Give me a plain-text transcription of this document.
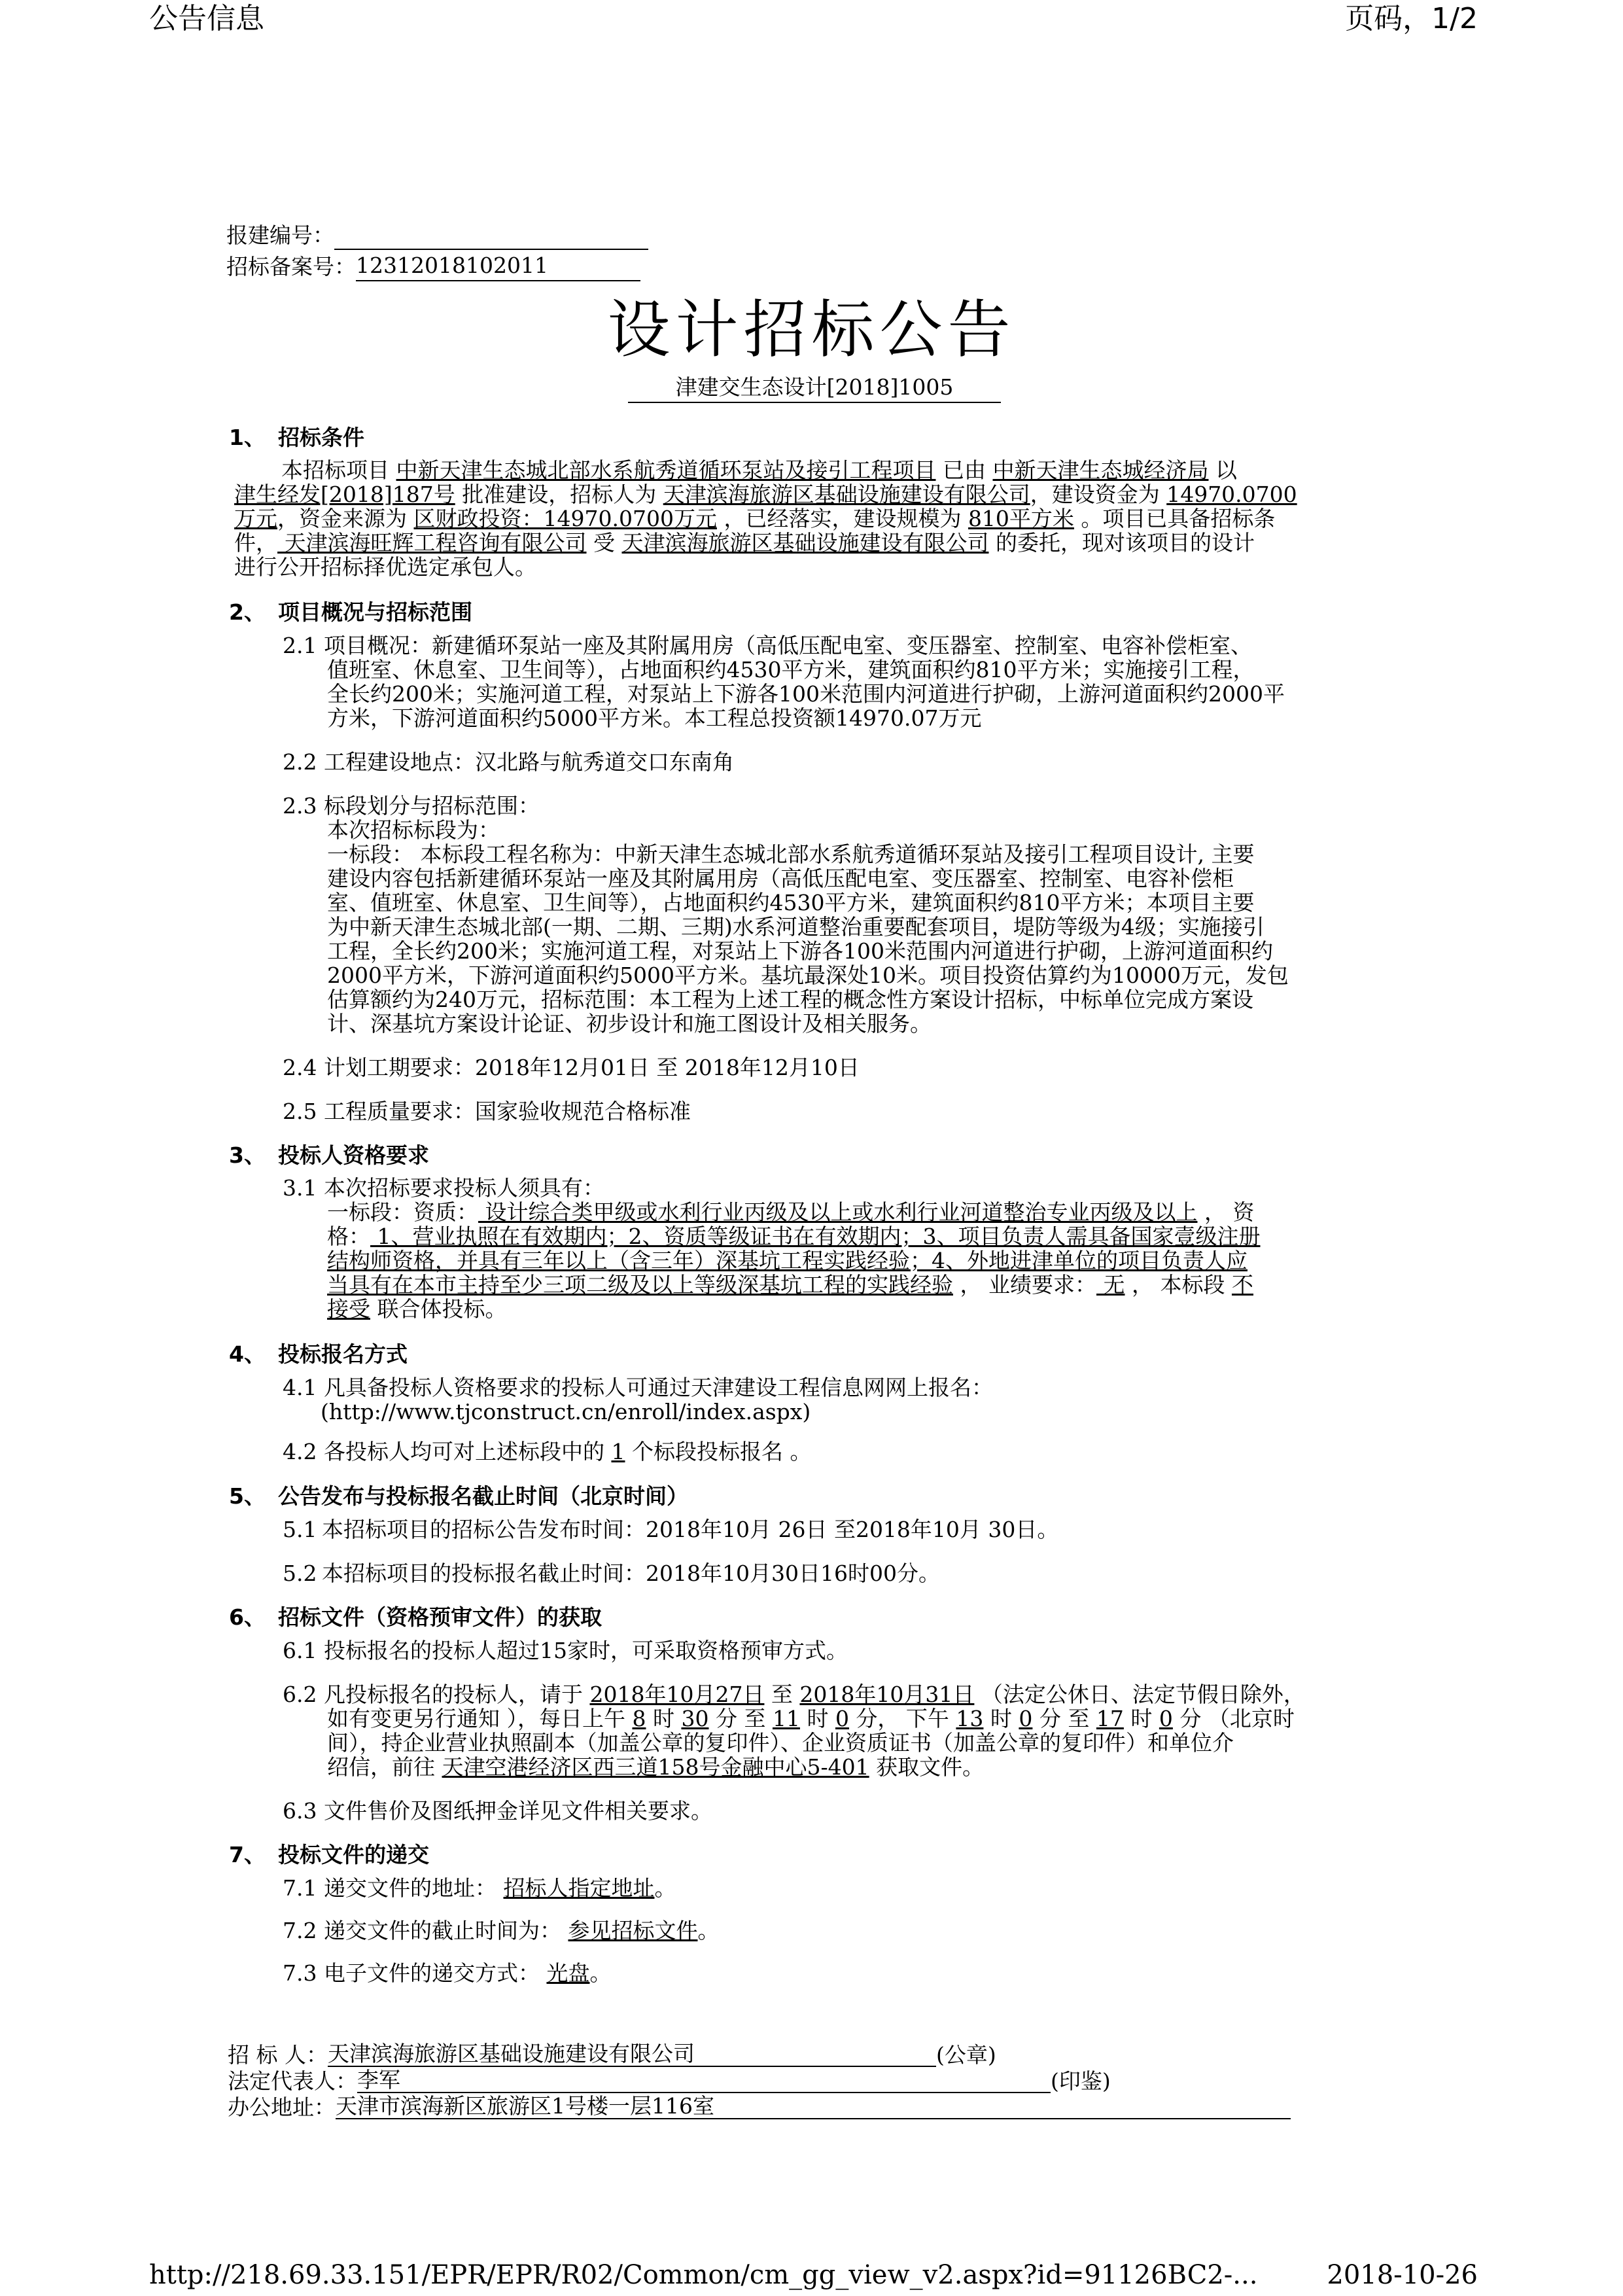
公告信息	页码，1/2
报建编号：
招标备案号：12312018102011
设计招标公告
津建交生态设计[2018]1005
1、 招标条件
本招标项目 中新天津生态城北部水系航秀道循环泵站及接引工程项目 已由 中新天津生态城经济局 以
津生经发[2018]187号 批准建设，招标人为 天津滨海旅游区基础设施建设有限公司，建设资金为 14970.0700
万元，资金来源为 区财政投资：14970.0700万元 ，已经落实，建设规模为 810平方米 。项目已具备招标条
件， 天津滨海旺辉工程咨询有限公司 受 天津滨海旅游区基础设施建设有限公司 的委托，现对该项目的设计
进行公开招标择优选定承包人。
2、 项目概况与招标范围
2.1 项目概况：新建循环泵站一座及其附属用房（高低压配电室、变压器室、控制室、电容补偿柜室、
值班室、休息室、卫生间等），占地面积约4530平方米，建筑面积约810平方米；实施接引工程，
全长约200米；实施河道工程，对泵站上下游各100米范围内河道进行护砌，上游河道面积约2000平
方米，下游河道面积约5000平方米。本工程总投资额14970.07万元
2.2 工程建设地点：汉北路与航秀道交口东南角
2.3 标段划分与招标范围：
本次招标标段为：
一标段： 本标段工程名称为：中新天津生态城北部水系航秀道循环泵站及接引工程项目设计, 主要
建设内容包括新建循环泵站一座及其附属用房（高低压配电室、变压器室、控制室、电容补偿柜
室、值班室、休息室、卫生间等），占地面积约4530平方米，建筑面积约810平方米；本项目主要
为中新天津生态城北部(一期、二期、三期)水系河道整治重要配套项目，堤防等级为4级；实施接引
工程，全长约200米；实施河道工程，对泵站上下游各100米范围内河道进行护砌，上游河道面积约
2000平方米，下游河道面积约5000平方米。基坑最深处10米。项目投资估算约为10000万元，发包
估算额约为240万元，招标范围：本工程为上述工程的概念性方案设计招标，中标单位完成方案设
计、深基坑方案设计论证、初步设计和施工图设计及相关服务。
2.4 计划工期要求：2018年12月01日 至 2018年12月10日
2.5 工程质量要求：国家验收规范合格标准
3、 投标人资格要求
3.1 本次招标要求投标人须具有：
一标段：资质： 设计综合类甲级或水利行业丙级及以上或水利行业河道整治专业丙级及以上 ， 资
格： 1、营业执照在有效期内；2、资质等级证书在有效期内；3、项目负责人需具备国家壹级注册
结构师资格，并具有三年以上（含三年）深基坑工程实践经验；4、外地进津单位的项目负责人应
当具有在本市主持至少三项二级及以上等级深基坑工程的实践经验 ， 业绩要求： 无 ， 本标段 不
接受 联合体投标。
4、 投标报名方式
4.1 凡具备投标人资格要求的投标人可通过天津建设工程信息网网上报名：
(http://www.tjconstruct.cn/enroll/index.aspx)
4.2 各投标人均可对上述标段中的 1 个标段投标报名 。
5、 公告发布与投标报名截止时间（北京时间）
5.1 本招标项目的招标公告发布时间：2018年10月 26日 至2018年10月 30日。
5.2 本招标项目的投标报名截止时间：2018年10月30日16时00分。
6、 招标文件（资格预审文件）的获取
6.1 投标报名的投标人超过15家时，可采取资格预审方式。
6.2 凡投标报名的投标人，请于 2018年10月27日 至 2018年10月31日 （法定公休日、法定节假日除外，
如有变更另行通知 ），每日上午 8 时 30 分 至 11 时 0 分， 下午 13 时 0 分 至 17 时 0 分 （北京时
间），持企业营业执照副本（加盖公章的复印件）、企业资质证书（加盖公章的复印件）和单位介
绍信，前往 天津空港经济区西三道158号金融中心5-401 获取文件。
6.3 文件售价及图纸押金详见文件相关要求。
7、 投标文件的递交
7.1 递交文件的地址： 招标人指定地址。
7.2 递交文件的截止时间为： 参见招标文件。
7.3 电子文件的递交方式： 光盘。
招 标 人：天津滨海旅游区基础设施建设有限公司	(公章)
法定代表人：李军	(印鉴)
办公地址：天津市滨海新区旅游区1号楼一层116室
http://218.69.33.151/EPR/EPR/R02/Common/cm_gg_view_v2.aspx?id=91126BC2-...	2018-10-26
